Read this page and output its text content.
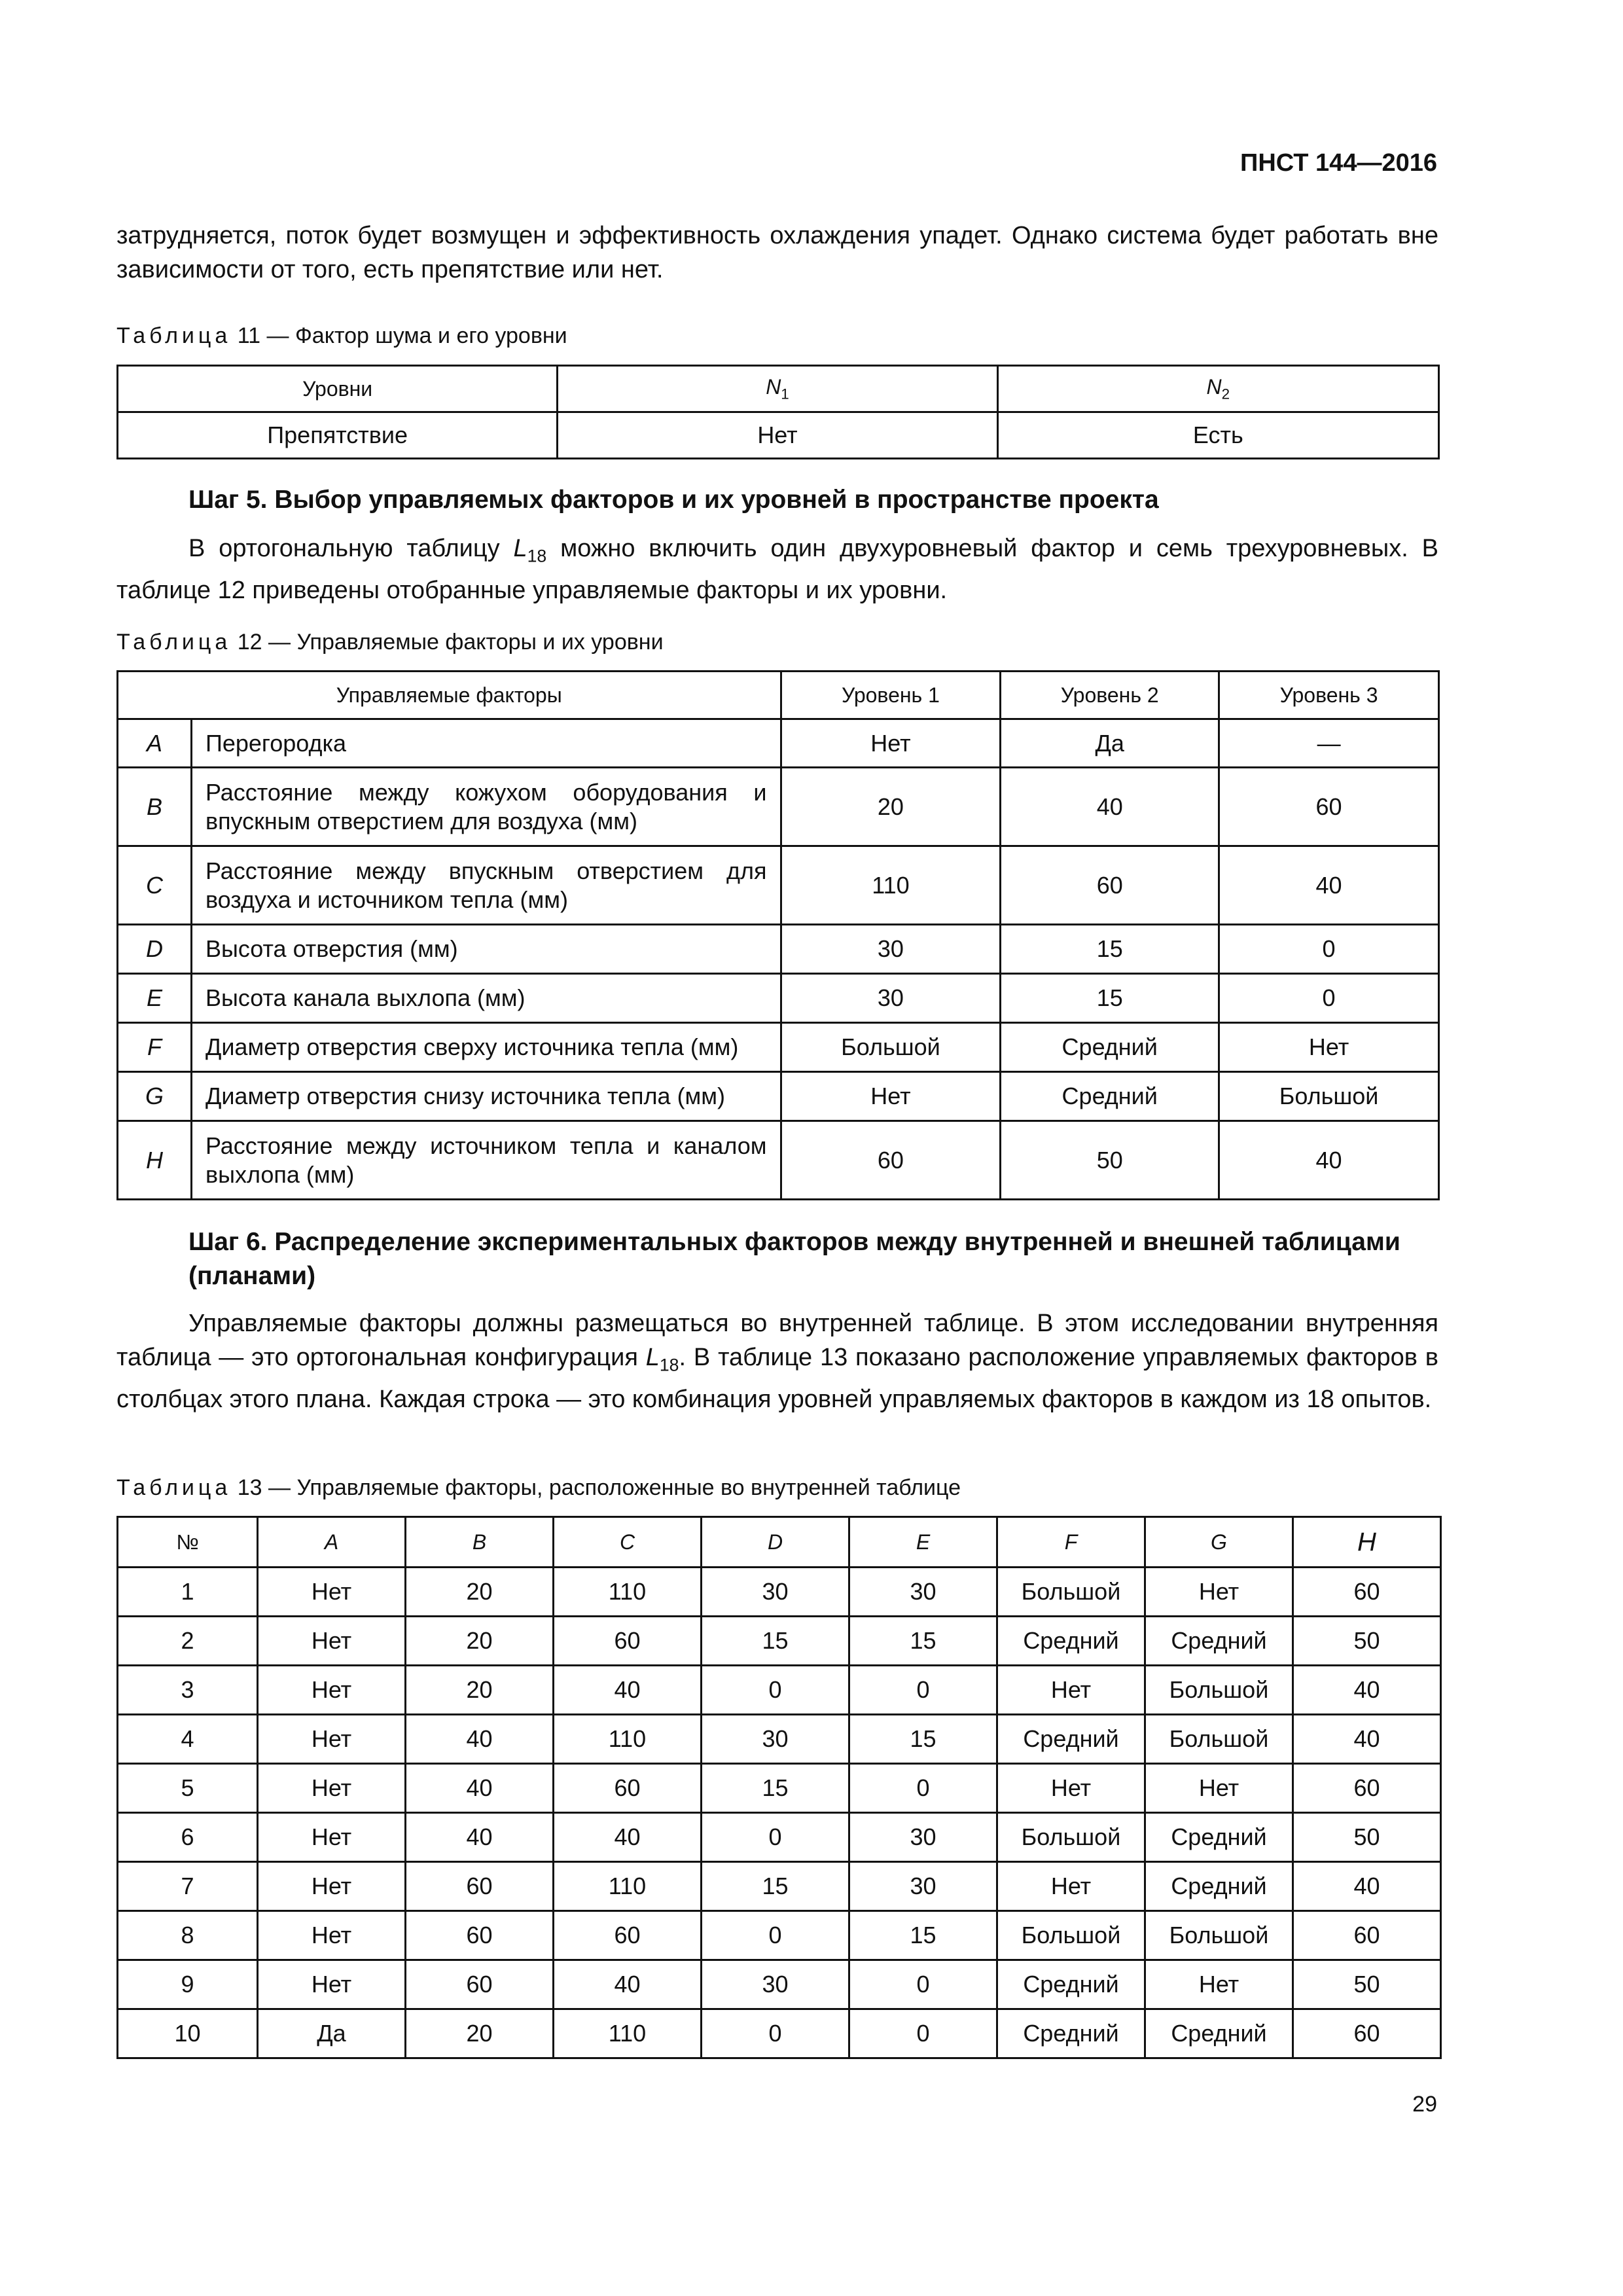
ПНСТ 144—2016
затрудняется, поток будет возмущен и эффективность охлаждения упадет. Однако система будет работать вне зависимости от того, есть препятствие или нет.
Таблица 11 — Фактор шума и его уровни
Уровни	$N_1$	$N_2$
Препятствие	Нет	Есть
Шаг 5. Выбор управляемых факторов и их уровней в пространстве проекта
В ортогональную таблицу $L_{18}$ можно включить один двухуровневый фактор и семь трехуровневых. В таблице 12 приведены отобранные управляемые факторы и их уровни.
Таблица 12 — Управляемые факторы и их уровни
Управляемые факторы		Уровень 1	Уровень 2	Уровень 3
A	Перегородка	Нет	Да	—
B	Расстояние между кожухом оборудования и впускным отверстием для воздуха (мм)	20	40	60
C	Расстояние между впускным отверстием для воздуха и источником тепла (мм)	110	60	40
D	Высота отверстия (мм)	30	15	0
E	Высота канала выхлопа (мм)	30	15	0
F	Диаметр отверстия сверху источника тепла (мм)	Большой	Средний	Нет
G	Диаметр отверстия снизу источника тепла (мм)	Нет	Средний	Большой
H	Расстояние между источником тепла и каналом выхлопа (мм)	60	50	40
Шаг 6. Распределение экспериментальных факторов между внутренней и внешней таблицами (планами)
Управляемые факторы должны размещаться во внутренней таблице. В этом исследовании внутренняя таблица — это ортогональная конфигурация $L_{18}$. В таблице 13 показано расположение управляемых факторов в столбцах этого плана. Каждая строка — это комбинация уровней управляемых факторов в каждом из 18 опытов.
Таблица 13 — Управляемые факторы, расположенные во внутренней таблице
№	A	B	C	D	E	F	G	H
1	Нет	20	110	30	30	Большой	Нет	60
2	Нет	20	60	15	15	Средний	Средний	50
3	Нет	20	40	0	0	Нет	Большой	40
4	Нет	40	110	30	15	Средний	Большой	40
5	Нет	40	60	15	0	Нет	Нет	60
6	Нет	40	40	0	30	Большой	Средний	50
7	Нет	60	110	15	30	Нет	Средний	40
8	Нет	60	60	0	15	Большой	Большой	60
9	Нет	60	40	30	0	Средний	Нет	50
10	Да	20	110	0	0	Средний	Средний	60
29
